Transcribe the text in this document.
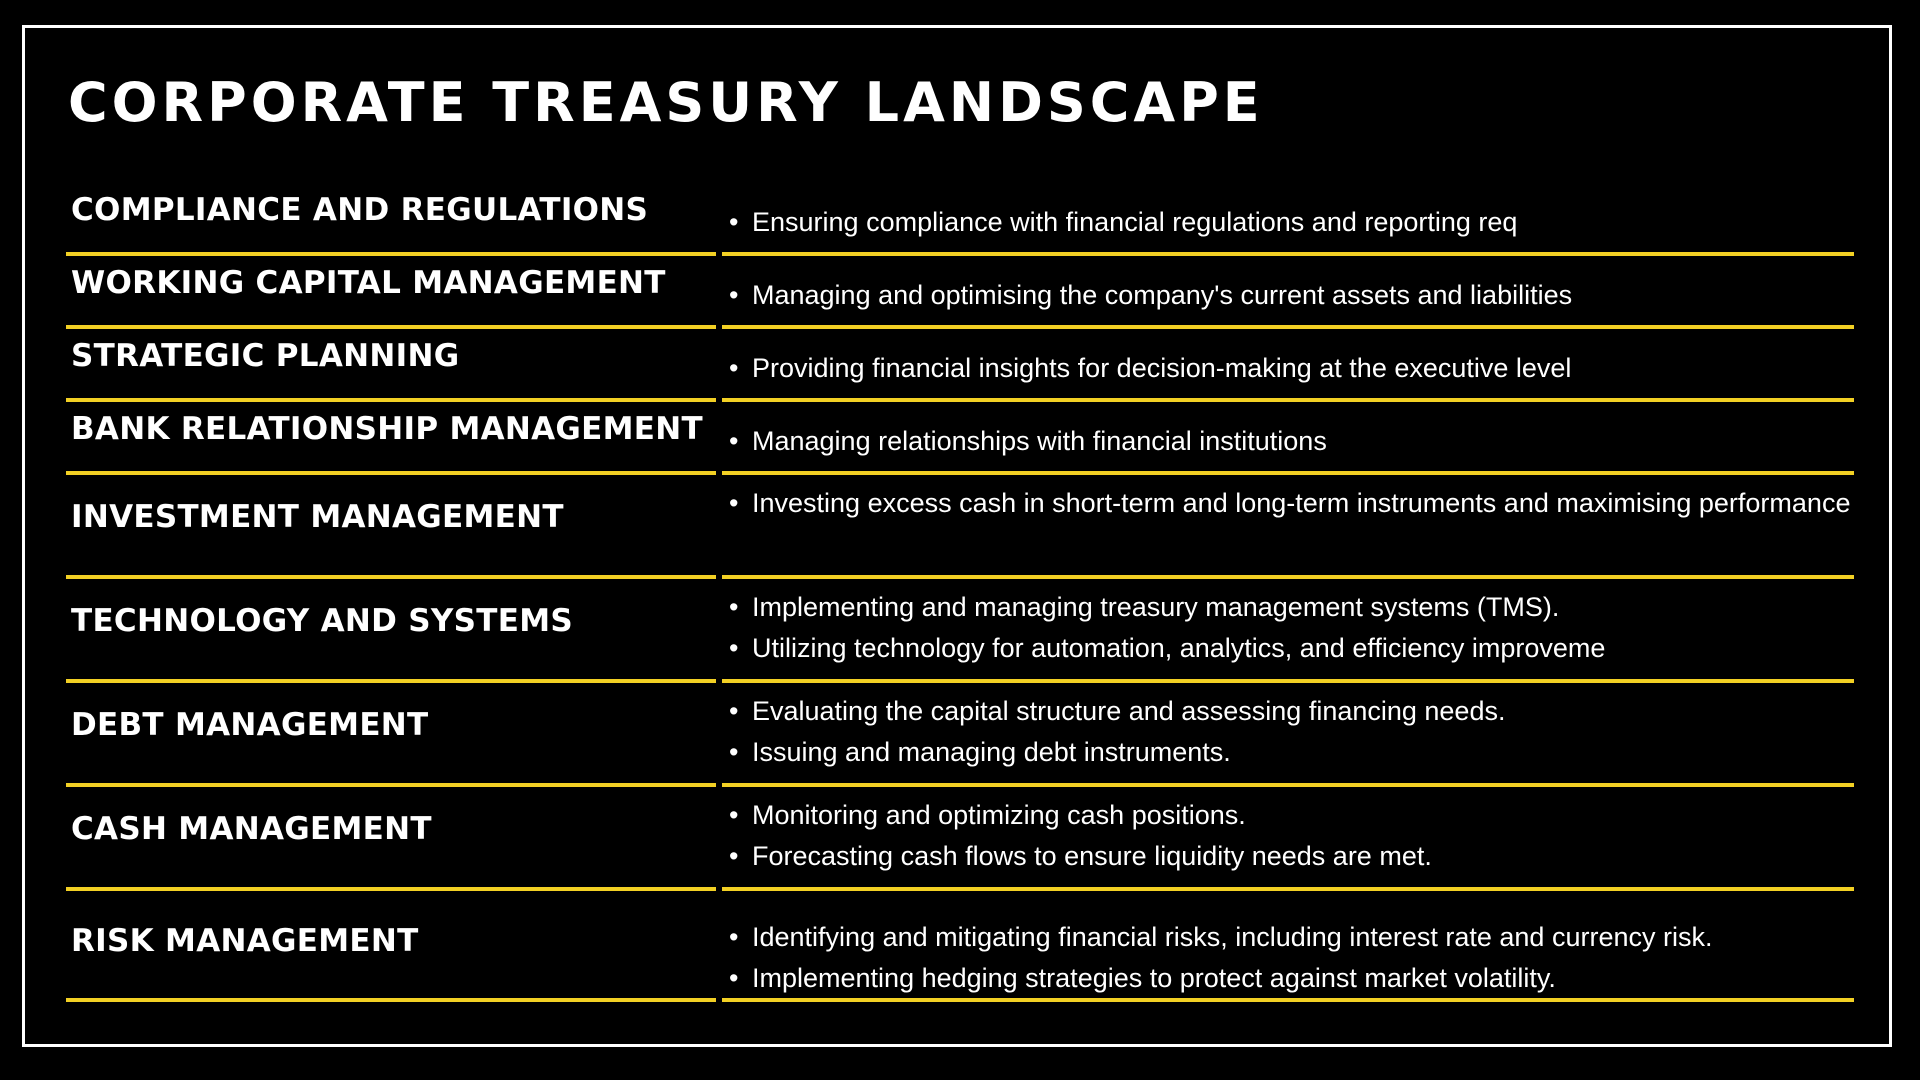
CORPORATE TREASURY LANDSCAPE
COMPLIANCE AND REGULATIONS	• Ensuring compliance with financial regulations and reporting req
WORKING CAPITAL MANAGEMENT • Managing and optimising the company's current assets and liabilities
STRATEGIC PLANNING	• Providing financial insights for decision-making at the executive level
BANK RELATIONSHIP MANAGEMENT • Managing relationships with financial institutions
INVESTMENT MANAGEMENT	• Investing excess cash in short-term and long-term instruments and maximising performance
TECHNOLOGY AND SYSTEMS	• Implementing and managing treasury management systems (TMS).
• Utilizing technology for automation, analytics, and efficiency improveme
DEBT MANAGEMENT	• Evaluating the capital structure and assessing financing needs.
• Issuing and managing debt instruments.
CASH MANAGEMENT	• Monitoring and optimizing cash positions.
• Forecasting cash flows to ensure liquidity needs are met.
RISK MANAGEMENT	• Identifying and mitigating financial risks, including interest rate and currency risk.
• Implementing hedging strategies to protect against market volatility.
